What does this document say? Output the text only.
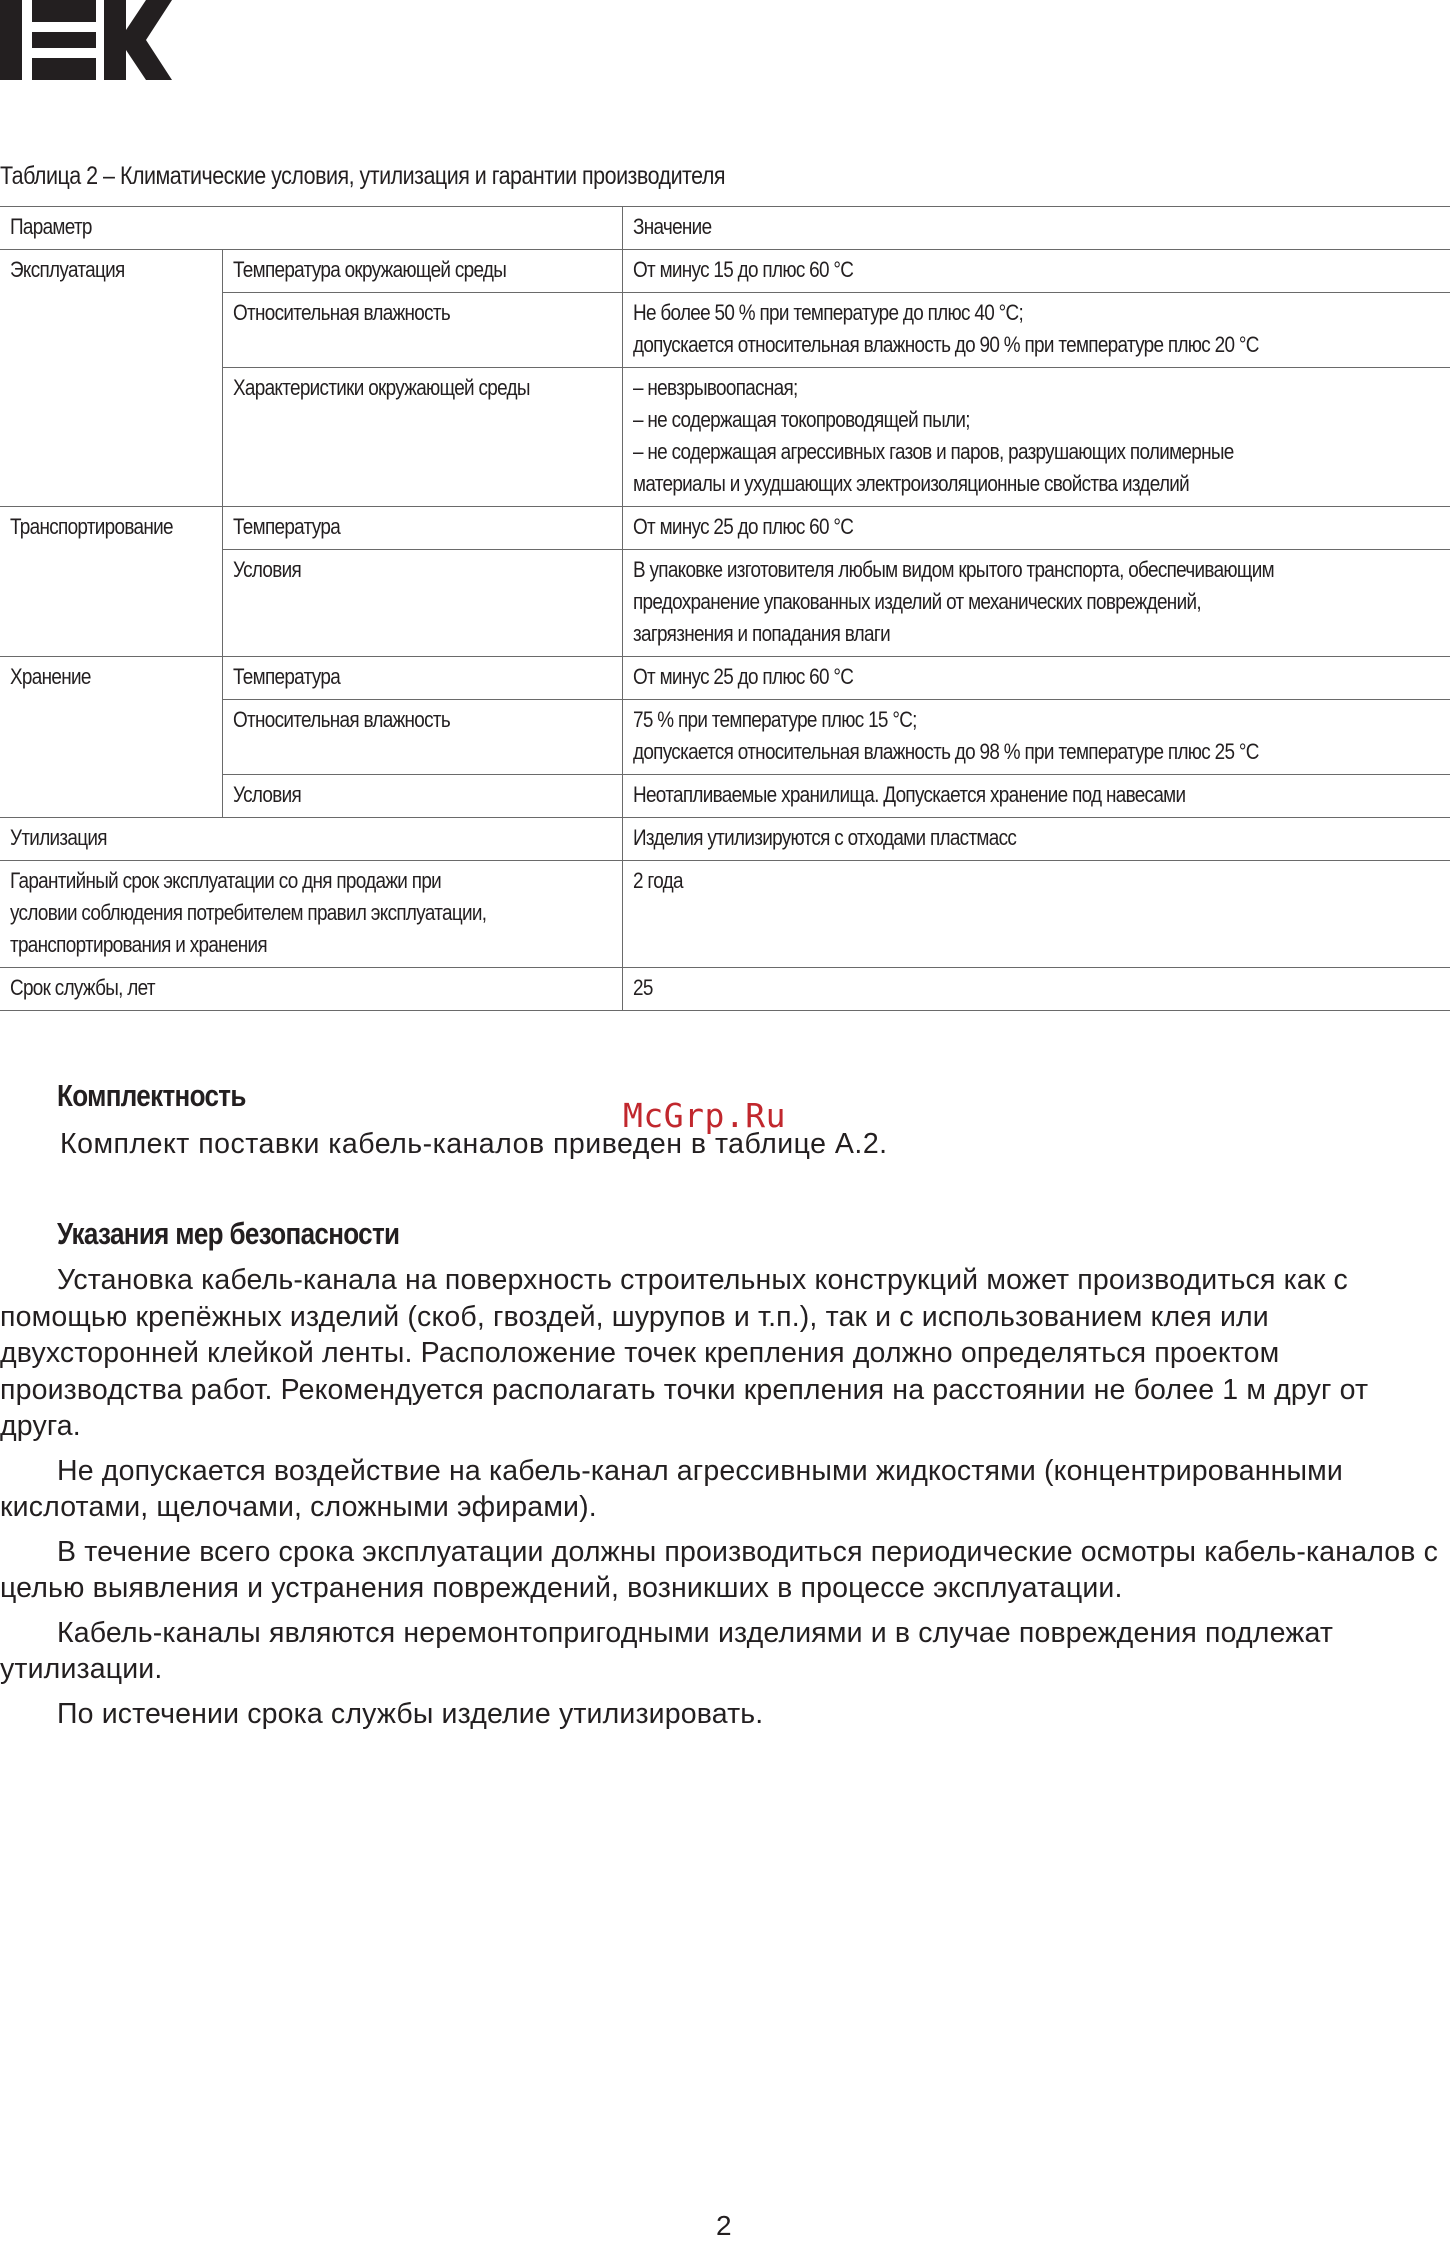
Таблица 2 – Климатические условия, утилизация и гарантии производителя
Параметр		Значение

Эксплуатация	Температура окружающей среды	От минус 15 до плюс 60 °C

	Относительная влажность	Не более 50 % при температуре до плюс 40 °C;
допускается относительная влажность до 90 % при температуре плюс 20 °C

	Характеристики окружающей среды	– невзрывоопасная;
– не содержащая токопроводящей пыли;
– не содержащая агрессивных газов и паров, разрушающих полимерные
материалы и ухудшающих электроизоляционные свойства изделий

Транспортирование	Температура	От минус 25 до плюс 60 °C

	Условия	В упаковке изготовителя любым видом крытого транспорта, обеспечивающим
предохранение упакованных изделий от механических повреждений,
загрязнения и попадания влаги

Хранение	Температура	От минус 25 до плюс 60 °C

	Относительная влажность	75 % при температуре плюс 15 °C;
допускается относительная влажность до 98 % при температуре плюс 25 °C

	Условия	Неотапливаемые хранилища. Допускается хранение под навесами

Утилизация		Изделия утилизируются с отходами пластмасс

Гарантийный срок эксплуатации со дня продажи при
условии соблюдения потребителем правил эксплуатации,
транспортирования и хранения		2 года

Срок службы, лет		25
Комплектность
Комплект поставки кабель-каналов приведен в таблице А.2.
McGrp.Ru
Указания мер безопасности

Установка кабель-канала на поверхность строительных конструкций может производиться как с помощью крепёжных изделий (скоб, гвоздей, шурупов и т.п.), так и с использованием клея или двухсторонней клейкой ленты. Расположение точек крепления должно определяться проектом производства работ. Рекомендуется располагать точки крепления на расстоянии не более 1 м друг от друга.

Не допускается воздействие на кабель-канал агрессивными жидкостями (концентрированными кислотами, щелочами, сложными эфирами).

В течение всего срока эксплуатации должны производиться периодические осмотры кабель-каналов с целью выявления и устранения повреждений, возникших в процессе эксплуатации.

Кабель-каналы являются неремонтопригодными изделиями и в случае повреждения подлежат утилизации.

По истечении срока службы изделие утилизировать.

2
